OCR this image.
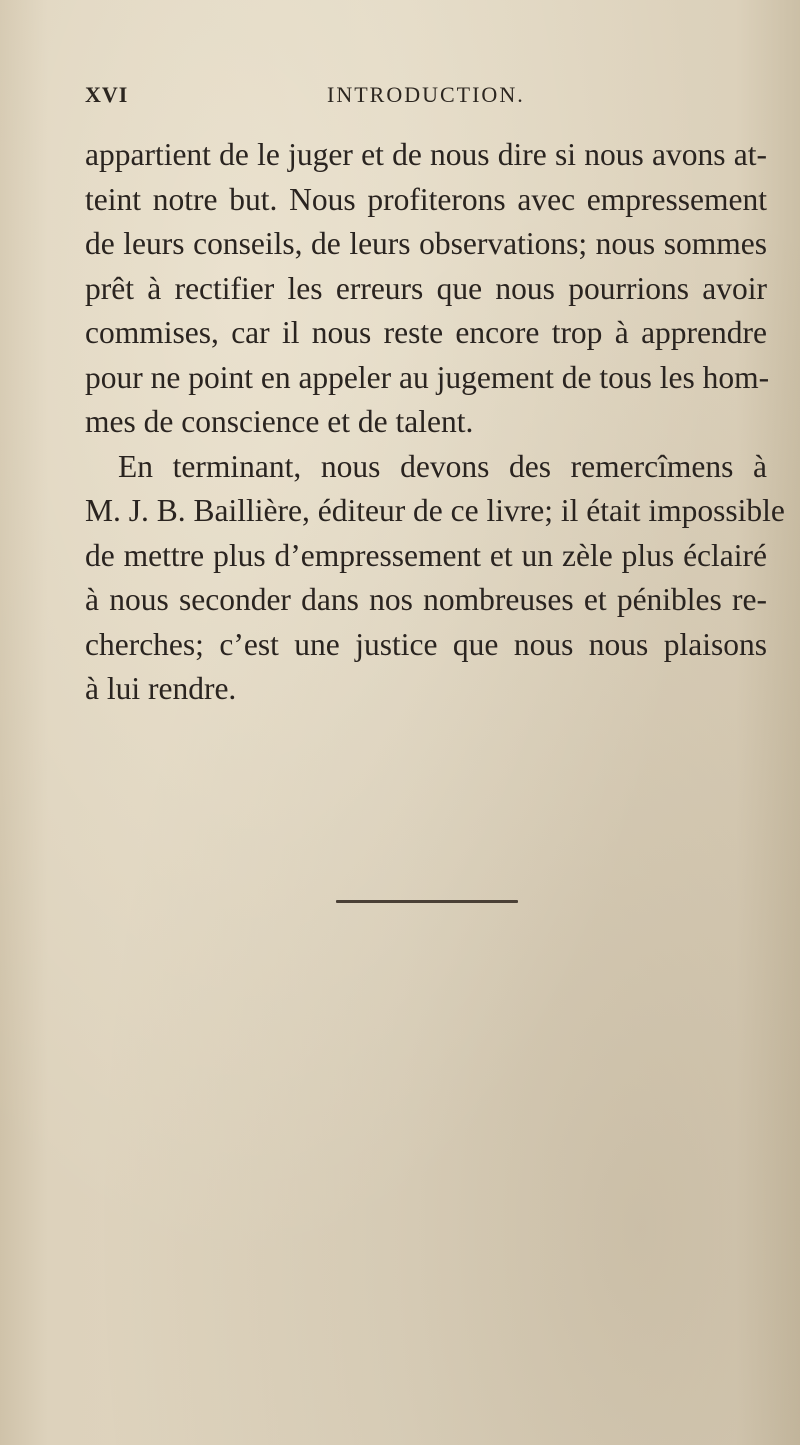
XVI	INTRODUCTION.
appartient de le juger et de nous dire si nous avons at-
teint notre but. Nous profiterons avec empressement
de leurs conseils, de leurs observations; nous sommes
prêt à rectifier les erreurs que nous pourrions avoir
commises, car il nous reste encore trop à apprendre
pour ne point en appeler au jugement de tous les hom-
mes de conscience et de talent.
En terminant, nous devons des remercîmens à
M. J. B. Baillière, éditeur de ce livre; il était impossible
de mettre plus d’empressement et un zèle plus éclairé
à nous seconder dans nos nombreuses et pénibles re-
cherches; c’est une justice que nous nous plaisons
à lui rendre.
